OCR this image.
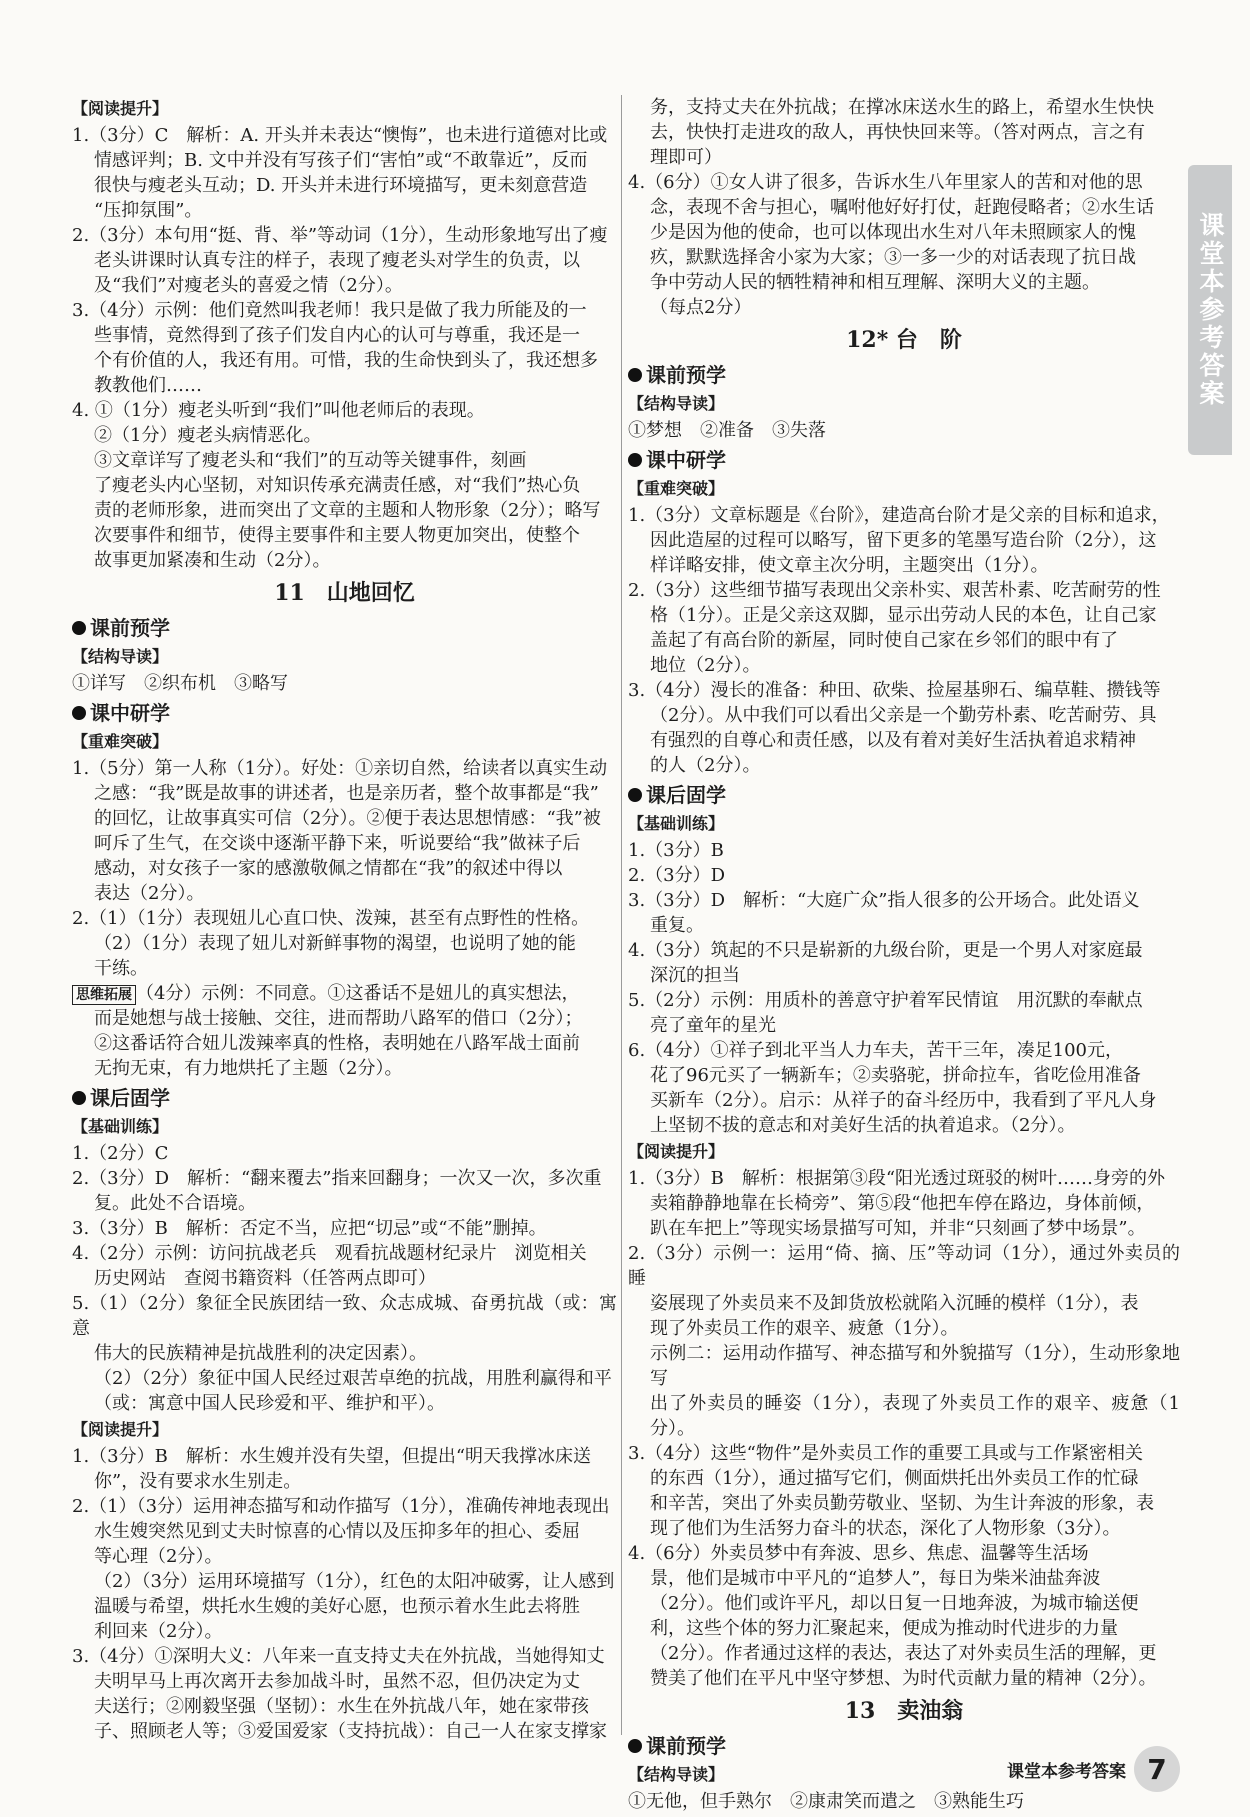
【阅读提升】

1.（3分）C　解析：A. 开头并未表达“懊悔”，也未进行道德对比或

情感评判；B. 文中并没有写孩子们“害怕”或“不敢靠近”，反而

很快与瘦老头互动；D. 开头并未进行环境描写，更未刻意营造

“压抑氛围”。

2.（3分）本句用“挺、背、举”等动词（1分），生动形象地写出了瘦

老头讲课时认真专注的样子，表现了瘦老头对学生的负责，以

及“我们”对瘦老头的喜爱之情（2分）。

3.（4分）示例：他们竟然叫我老师！我只是做了我力所能及的一

些事情，竟然得到了孩子们发自内心的认可与尊重，我还是一

个有价值的人，我还有用。可惜，我的生命快到头了，我还想多

教教他们……

4. ①（1分）瘦老头听到“我们”叫他老师后的表现。

②（1分）瘦老头病情恶化。

③文章详写了瘦老头和“我们”的互动等关键事件，刻画

了瘦老头内心坚韧，对知识传承充满责任感，对“我们”热心负

责的老师形象，进而突出了文章的主题和人物形象（2分）；略写

次要事件和细节，使得主要事件和主要人物更加突出，使整个

故事更加紧凑和生动（2分）。

11　山地回忆
课前预学

【结构导读】

①详写　②织布机　③略写

课中研学

【重难突破】

1.（5分）第一人称（1分）。好处：①亲切自然，给读者以真实生动

之感：“我”既是故事的讲述者，也是亲历者，整个故事都是“我”

的回忆，让故事真实可信（2分）。②便于表达思想情感：“我”被

呵斥了生气，在交谈中逐渐平静下来，听说要给“我”做袜子后

感动，对女孩子一家的感激敬佩之情都在“我”的叙述中得以

表达（2分）。

2.（1）（1分）表现妞儿心直口快、泼辣，甚至有点野性的性格。

（2）（1分）表现了妞儿对新鲜事物的渴望，也说明了她的能

干练。

思维拓展 （4分）示例：不同意。①这番话不是妞儿的真实想法，

而是她想与战士接触、交往，进而帮助八路军的借口（2分）；

②这番话符合妞儿泼辣率真的性格，表明她在八路军战士面前

无拘无束，有力地烘托了主题（2分）。

课后固学

【基础训练】

1.（2分）C

2.（3分）D　解析：“翻来覆去”指来回翻身；一次又一次，多次重

复。此处不合语境。

3.（3分）B　解析：否定不当，应把“切忌”或“不能”删掉。

4.（2分）示例：访问抗战老兵　观看抗战题材纪录片　浏览相关

历史网站　查阅书籍资料（任答两点即可）

5.（1）（2分）象征全民族团结一致、众志成城、奋勇抗战（或：寓意

伟大的民族精神是抗战胜利的决定因素）。

（2）（2分）象征中国人民经过艰苦卓绝的抗战，用胜利赢得和平

（或：寓意中国人民珍爱和平、维护和平）。

【阅读提升】

1.（3分）B　解析：水生嫂并没有失望，但提出“明天我撑冰床送

你”，没有要求水生别走。

2.（1）（3分）运用神态描写和动作描写（1分），准确传神地表现出

水生嫂突然见到丈夫时惊喜的心情以及压抑多年的担心、委屈

等心理（2分）。

（2）（3分）运用环境描写（1分），红色的太阳冲破雾，让人感到

温暖与希望，烘托水生嫂的美好心愿，也预示着水生此去将胜

利回来（2分）。

3.（4分）①深明大义：八年来一直支持丈夫在外抗战，当她得知丈

夫明早马上再次离开去参加战斗时，虽然不忍，但仍决定为丈

夫送行；②刚毅坚强（坚韧）：水生在外抗战八年，她在家带孩

子、照顾老人等；③爱国爱家（支持抗战）：自己一人在家支撑家

务，支持丈夫在外抗战；在撑冰床送水生的路上，希望水生快快

去，快快打走进攻的敌人，再快快回来等。（答对两点，言之有

理即可）

4.（6分）①女人讲了很多，告诉水生八年里家人的苦和对他的思

念，表现不舍与担心，嘱咐他好好打仗，赶跑侵略者；②水生话

少是因为他的使命，也可以体现出水生对八年未照顾家人的愧

疚，默默选择舍小家为大家；③一多一少的对话表现了抗日战

争中劳动人民的牺牲精神和相互理解、深明大义的主题。

（每点2分）

12* 台　阶
课前预学

【结构导读】

①梦想　②准备　③失落

课中研学

【重难突破】

1.（3分）文章标题是《台阶》，建造高台阶才是父亲的目标和追求，

因此造屋的过程可以略写，留下更多的笔墨写造台阶（2分），这

样详略安排，使文章主次分明，主题突出（1分）。

2.（3分）这些细节描写表现出父亲朴实、艰苦朴素、吃苦耐劳的性

格（1分）。正是父亲这双脚，显示出劳动人民的本色，让自己家

盖起了有高台阶的新屋，同时使自己家在乡邻们的眼中有了

地位（2分）。

3.（4分）漫长的准备：种田、砍柴、捡屋基卵石、编草鞋、攒钱等

（2分）。从中我们可以看出父亲是一个勤劳朴素、吃苦耐劳、具

有强烈的自尊心和责任感，以及有着对美好生活执着追求精神

的人（2分）。

课后固学

【基础训练】

1.（3分）B

2.（3分）D

3.（3分）D　解析：“大庭广众”指人很多的公开场合。此处语义

重复。

4.（3分）筑起的不只是崭新的九级台阶，更是一个男人对家庭最

深沉的担当

5.（2分）示例：用质朴的善意守护着军民情谊　用沉默的奉献点

亮了童年的星光

6.（4分）①祥子到北平当人力车夫，苦干三年，凑足100元，

花了96元买了一辆新车；②卖骆驼，拼命拉车，省吃俭用准备

买新车（2分）。启示：从祥子的奋斗经历中，我看到了平凡人身

上坚韧不拔的意志和对美好生活的执着追求。（2分）。

【阅读提升】

1.（3分）B　解析：根据第③段“阳光透过斑驳的树叶……身旁的外

卖箱静静地靠在长椅旁”、第⑤段“他把车停在路边，身体前倾，

趴在车把上”等现实场景描写可知，并非“只刻画了梦中场景”。

2.（3分）示例一：运用“倚、摘、压”等动词（1分），通过外卖员的睡

姿展现了外卖员来不及卸货放松就陷入沉睡的模样（1分），表

现了外卖员工作的艰辛、疲惫（1分）。

示例二：运用动作描写、神态描写和外貌描写（1分），生动形象地写

出了外卖员的睡姿（1分），表现了外卖员工作的艰辛、疲惫（1分）。

3.（4分）这些“物件”是外卖员工作的重要工具或与工作紧密相关

的东西（1分），通过描写它们，侧面烘托出外卖员工作的忙碌

和辛苦，突出了外卖员勤劳敬业、坚韧、为生计奔波的形象，表

现了他们为生活努力奋斗的状态，深化了人物形象（3分）。

4.（6分）外卖员梦中有奔波、思乡、焦虑、温馨等生活场

景，他们是城市中平凡的“追梦人”，每日为柴米油盐奔波

（2分）。他们或许平凡，却以日复一日地奔波，为城市输送便

利，这些个体的努力汇聚起来，便成为推动时代进步的力量

（2分）。作者通过这样的表达，表达了对外卖员生活的理解，更

赞美了他们在平凡中坚守梦想、为时代贡献力量的精神（2分）。

13　卖油翁
课前预学

【结构导读】

①无他，但手熟尔　②康肃笑而遣之　③熟能生巧

课堂本参考答案
课堂本参考答案 7
